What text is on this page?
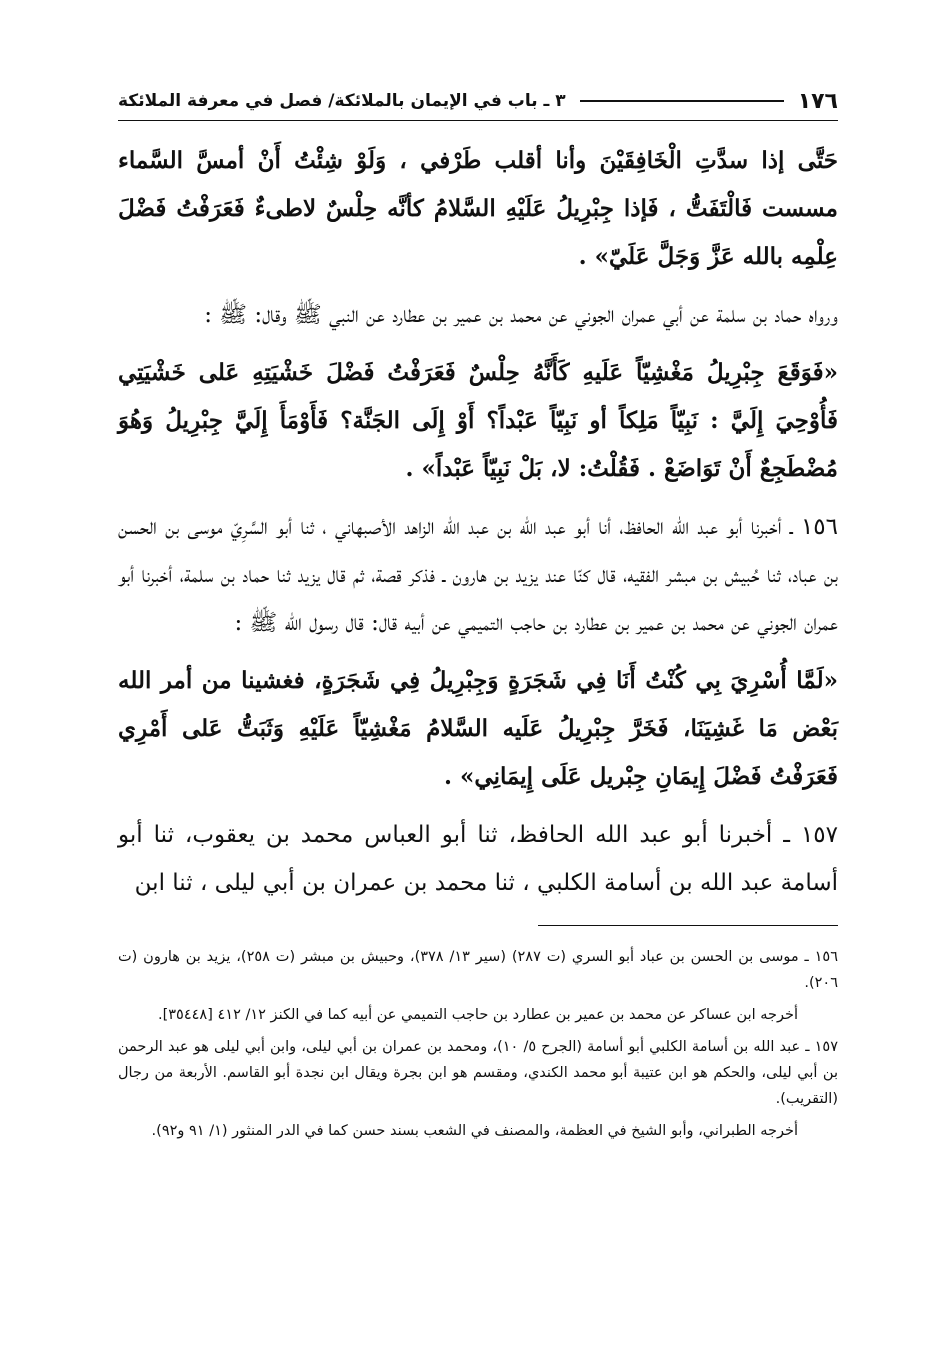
١٧٦
٣ ـ باب في الإيمان بالملائكة/ فصل في معرفة الملائكة

حَتَّى إذا سدَّتِ الْخَافِقَيْنَ وأنا أقلب طَرْفي ، وَلَوْ شِئْتُ أَنْ أمسَّ السَّماء مسست فَالْتَفَتُّ ، فَإذا جِبْرِيلُ عَلَيْهِ السَّلامُ كأنَّه حِلْسٌ لاطىءٌ فَعَرَفْتُ فَضْلَ عِلْمِه بالله عَزَّ وَجَلَّ عَلَيّ» .

ورواه حماد بن سلمة عن أبي عمران الجوني عن محمد بن عمير بن عطارد عن النبي ﷺ وقال: ﷺ :

«فَوَقَعَ جِبْرِيلُ مَغْشِيّاً عَلَيهِ كَأَنَّهُ حِلْسٌ فَعَرَفْتُ فَضْلَ خَشْيَتِهِ عَلى خَشْيَتِي فَأُوْحِيَ إِلَيَّ : نَبِيّاً مَلِكاً أو نَبِيّاً عَبْداً؟ أَوْ إِلَى الجَنَّة؟ فَأَوْمَأَ إِلَيَّ جِبْرِيلُ وَهُوَ مُضْطَجِعٌ أَنْ تَوَاضَعْ . فَقُلْتُ: لا، بَلْ نَبِيّاً عَبْداً» .

١٥٦ ـ أخبرنا أبو عبد الله الحافظ، أنا أبو عبد الله بن عبد الله الزاهد الأصبهاني ، ثنا أبو السَّرِيّ موسى بن الحسن بن عباد، ثنا حُبيش بن مبشر الفقيه، قال كنّا عند يزيد بن هارون ـ فذكر قصة، ثم قال يزيد ثنا حماد بن سلمة، أخبرنا أبو عمران الجوني عن محمد بن عمير بن عطارد بن حاجب التميمي عن أبيه قال: قال رسول الله ﷺ :

«لَمَّا أُسْرِيَ بِي كُنْتُ أَنَا فِي شَجَرَةٍ وَجِبْرِيلُ فِي شَجَرَةٍ، فغشينا من أمر الله بَعْض مَا غَشِيَنَا، فَخَرَّ جِبْرِيلُ عَلَيه السَّلامُ مَغْشِيّاً عَلَيْهِ وَثَبَتُّ عَلى أَمْرِي فَعَرَفْتُ فَضْلَ إِيمَانِ جِبْريل عَلَى إِيمَانِي» .

١٥٧ ـ أخبرنا أبو عبد الله الحافظ، ثنا أبو العباس محمد بن يعقوب، ثنا أبو أسامة عبد الله بن أسامة الكلبي ، ثنا محمد بن عمران بن أبي ليلى ، ثنا ابن

١٥٦ ـ موسى بن الحسن بن عباد أبو السري (ت ٢٨٧) (سير ١٣/ ٣٧٨)، وحبيش بن مبشر (ت ٢٥٨)، يزيد بن هارون (ت ٢٠٦).

أخرجه ابن عساكر عن محمد بن عمير بن عطارد بن حاجب التميمي عن أبيه كما في الكنز ١٢/ ٤١٢ [٣٥٤٤٨].

١٥٧ ـ عبد الله بن أسامة الكلبي أبو أسامة (الجرح ٥/ ١٠)، ومحمد بن عمران بن أبي ليلى، وابن أبي ليلى هو عبد الرحمن بن أبي ليلى، والحكم هو ابن عتيبة أبو محمد الكندي، ومقسم هو ابن بجرة ويقال ابن نجدة أبو القاسم. الأربعة من رجال (التقريب).

أخرجه الطبراني، وأبو الشيخ في العظمة، والمصنف في الشعب بسند حسن كما في الدر المنثور (١/ ٩١ و٩٢).
